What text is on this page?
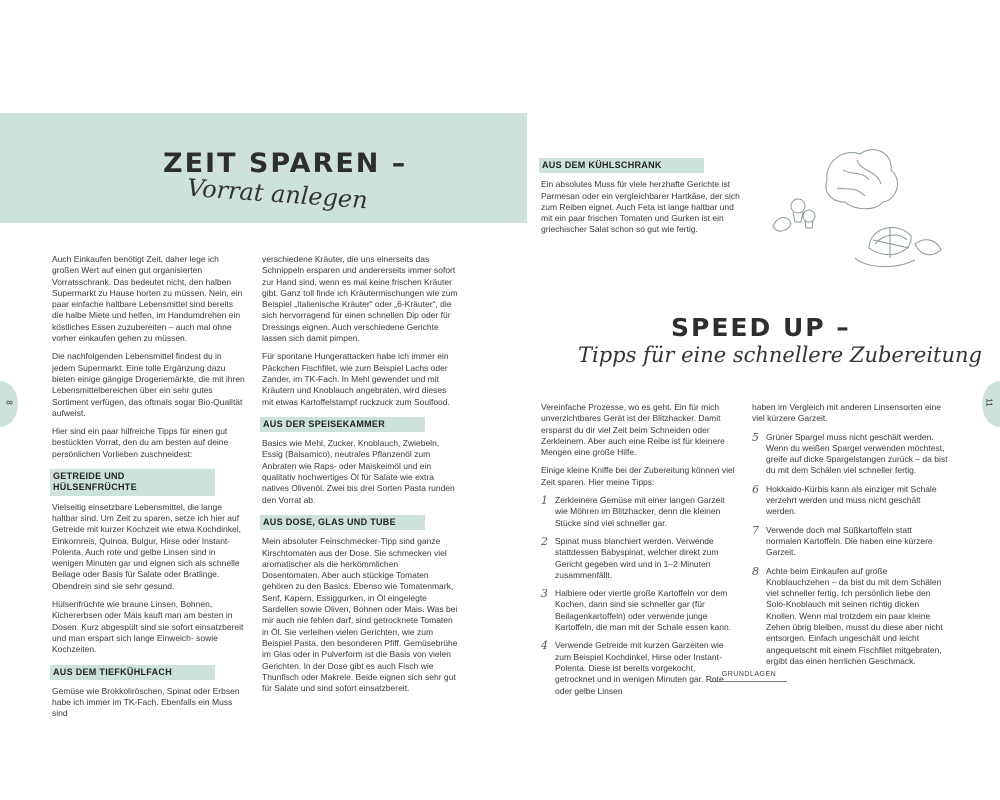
ZEIT SPAREN –
Vorrat anlegen
8	11

Auch Einkaufen benötigt Zeit, daher lege ich großen Wert auf einen gut organisierten Vorratsschrank. Das bedeutet nicht, den halben Supermarkt zu Hause horten zu müssen. Nein, ein paar einfache haltbare Lebensmittel sind bereits die halbe Miete und helfen, im Handumdrehen ein köstliches Essen zuzubereiten – auch mal ohne vorher einkaufen gehen zu müssen.

Die nachfolgenden Lebensmittel findest du in jedem Supermarkt. Eine tolle Ergänzung dazu bieten einige gängige Drogeriemärkte, die mit ihren Lebensmittelbereichen über ein sehr gutes Sortiment verfügen, das oftmals sogar Bio-Qualität aufweist.

Hier sind ein paar hilfreiche Tipps für einen gut bestückten Vorrat, den du am besten auf deine persönlichen Vorlieben zuschneidest:

GETREIDE UND HÜLSENFRÜCHTE

Vielseitig einsetzbare Lebensmittel, die lange haltbar sind. Um Zeit zu sparen, setze ich hier auf Getreide mit kurzer Kochzeit wie etwa Kochdinkel, Einkornreis, Quinoa, Bulgur, Hirse oder Instant-Polenta. Auch rote und gelbe Linsen sind in wenigen Minuten gar und eignen sich als schnelle Beilage oder Basis für Salate oder Bratlinge. Obendrein sind sie sehr gesund.

Hülsenfrüchte wie braune Linsen, Bohnen, Kichererbsen oder Mais kauft man am besten in Dosen. Kurz abgespült sind sie sofort einsatzbereit und man erspart sich lange Einweich- sowie Kochzeiten.

AUS DEM TIEFKÜHLFACH

Gemüse wie Brokkoliröschen, Spinat oder Erbsen habe ich immer im TK-Fach. Ebenfalls ein Muss sind

verschiedene Kräuter, die uns einerseits das Schnippeln ersparen und andererseits immer sofort zur Hand sind, wenn es mal keine frischen Kräuter gibt. Ganz toll finde ich Kräutermischungen wie zum Beispiel „Italienische Kräuter“ oder „6-Kräuter“, die sich hervorragend für einen schnellen Dip oder für Dressings eignen. Auch verschiedene Gerichte lassen sich damit pimpen.

Für spontane Hungerattacken habe ich immer ein Päckchen Fischfilet, wie zum Beispiel Lachs oder Zander, im TK-Fach. In Mehl gewendet und mit Kräutern und Knoblauch angebraten, wird dieses mit etwas Kartoffelstampf ruckzuck zum Soulfood.

AUS DER SPEISEKAMMER

Basics wie Mehl, Zucker, Knoblauch, Zwiebeln, Essig (Balsamico), neutrales Pflanzenöl zum Anbraten wie Raps- oder Maiskeimöl und ein qualitativ hochwertiges Öl für Salate wie extra natives Olivenöl. Zwei bis drei Sorten Pasta runden den Vorrat ab.

AUS DOSE, GLAS UND TUBE

Mein absoluter Feinschmecker-Tipp sind ganze Kirschtomaten aus der Dose. Sie schmecken viel aromatischer als die herkömmlichen Dosentomaten. Aber auch stückige Tomaten gehören zu den Basics. Ebenso wie Tomatenmark, Senf, Kapern, Essiggurken, in Öl eingelegte Sardellen sowie Oliven, Bohnen oder Mais. Was bei mir auch nie fehlen darf, sind getrocknete Tomaten in Öl. Sie verleihen vielen Gerichten, wie zum Beispiel Pasta, den besonderen Pfiff. Gemüsebrühe im Glas oder in Pulverform ist die Basis von vielen Gerichten. In der Dose gibt es auch Fisch wie Thunfisch oder Makrele. Beide eignen sich sehr gut für Salate und sind sofort einsatzbereit.

AUS DEM KÜHLSCHRANK

Ein absolutes Muss für viele herzhafte Gerichte ist Parmesan oder ein vergleichbarer Hartkäse, der sich zum Reiben eignet. Auch Feta ist lange haltbar und mit ein paar frischen Tomaten und Gurken ist ein griechischer Salat schon so gut wie fertig.

SPEED UP –
Tipps für eine schnellere Zubereitung

Vereinfache Prozesse, wo es geht. Ein für mich unverzichtbares Gerät ist der Blitzhacker. Damit ersparst du dir viel Zeit beim Schneiden oder Zerkleinern. Aber auch eine Reibe ist für kleinere Mengen eine große Hilfe.

Einige kleine Kniffe bei der Zubereitung können viel Zeit sparen. Hier meine Tipps:

1 Zerkleinere Gemüse mit einer langen Garzeit wie Möhren im Blitzhacker, denn die kleinen Stücke sind viel schneller gar.
2 Spinat muss blanchiert werden. Verwende stattdessen Babyspinat, welcher direkt zum Gericht gegeben wird und in 1–2 Minuten zusammenfällt.
3 Halbiere oder viertle große Kartoffeln vor dem Kochen, dann sind sie schneller gar (für Beilagenkartoffeln) oder verwende junge Kartoffeln, die man mit der Schale essen kann.
4 Verwende Getreide mit kurzen Garzeiten wie zum Beispiel Kochdinkel, Hirse oder Instant-Polenta. Diese ist bereits vorgekocht, getrocknet und in wenigen Minuten gar. Rote oder gelbe Linsen

haben im Vergleich mit anderen Linsensorten eine viel kürzere Garzeit.

5 Grüner Spargel muss nicht geschält werden. Wenn du weißen Spargel verwenden möchtest, greife auf dicke Spargelstangen zurück – da bist du mit dem Schälen viel schneller fertig.
6 Hokkaido-Kürbis kann als einziger mit Schale verzehrt werden und muss nicht geschält werden.
7 Verwende doch mal Süßkartoffeln statt normalen Kartoffeln. Die haben eine kürzere Garzeit.
8 Achte beim Einkaufen auf große Knoblauchzehen – da bist du mit dem Schälen viel schneller fertig. Ich persönlich liebe den Solo-Knoblauch mit seinen richtig dicken Knollen. Wenn mal trotzdem ein paar kleine Zehen übrig bleiben, musst du diese aber nicht entsorgen. Einfach ungeschält und leicht angequetscht mit einem Fischfilet mitgebraten, ergibt das einen herrlichen Geschmack.
GRUNDLAGEN
